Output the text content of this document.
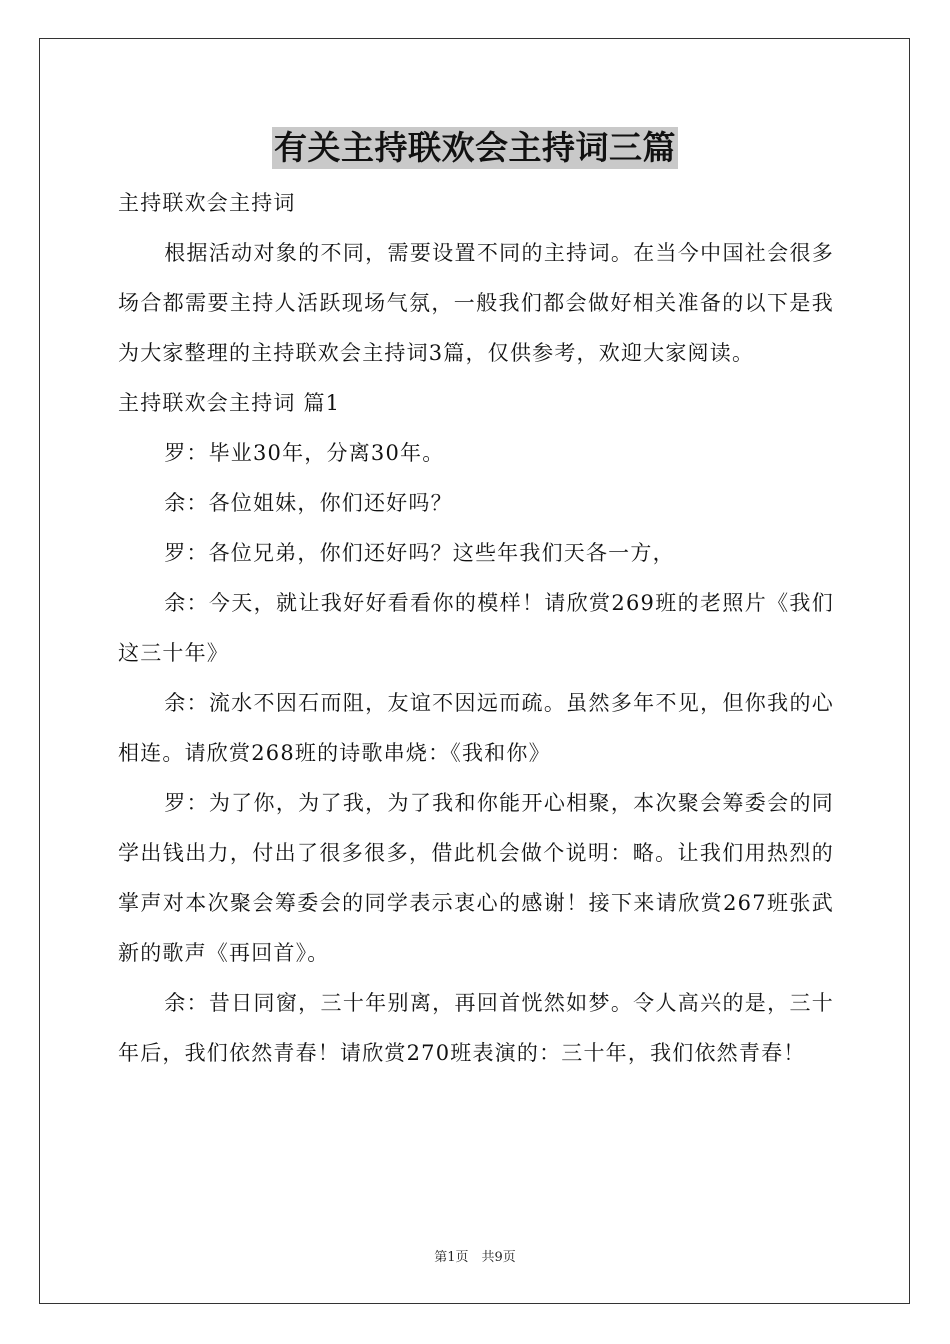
有关主持联欢会主持词三篇

主持联欢会主持词

根据活动对象的不同，需要设置不同的主持词。在当今中国社会很多场合都需要主持人活跃现场气氛，一般我们都会做好相关准备的以下是我为大家整理的主持联欢会主持词3篇，仅供参考，欢迎大家阅读。

主持联欢会主持词 篇1

罗：毕业30年，分离30年。

余：各位姐妹，你们还好吗？

罗：各位兄弟，你们还好吗？这些年我们天各一方，

余：今天，就让我好好看看你的模样！请欣赏269班的老照片《我们这三十年》

余：流水不因石而阻，友谊不因远而疏。虽然多年不见，但你我的心相连。请欣赏268班的诗歌串烧：《我和你》

罗：为了你，为了我，为了我和你能开心相聚，本次聚会筹委会的同学出钱出力，付出了很多很多，借此机会做个说明：略。让我们用热烈的掌声对本次聚会筹委会的同学表示衷心的感谢！接下来请欣赏267班张武新的歌声《再回首》。

余：昔日同窗，三十年别离，再回首恍然如梦。令人高兴的是，三十年后，我们依然青春！请欣赏270班表演的：三十年，我们依然青春！

第1页　共9页
